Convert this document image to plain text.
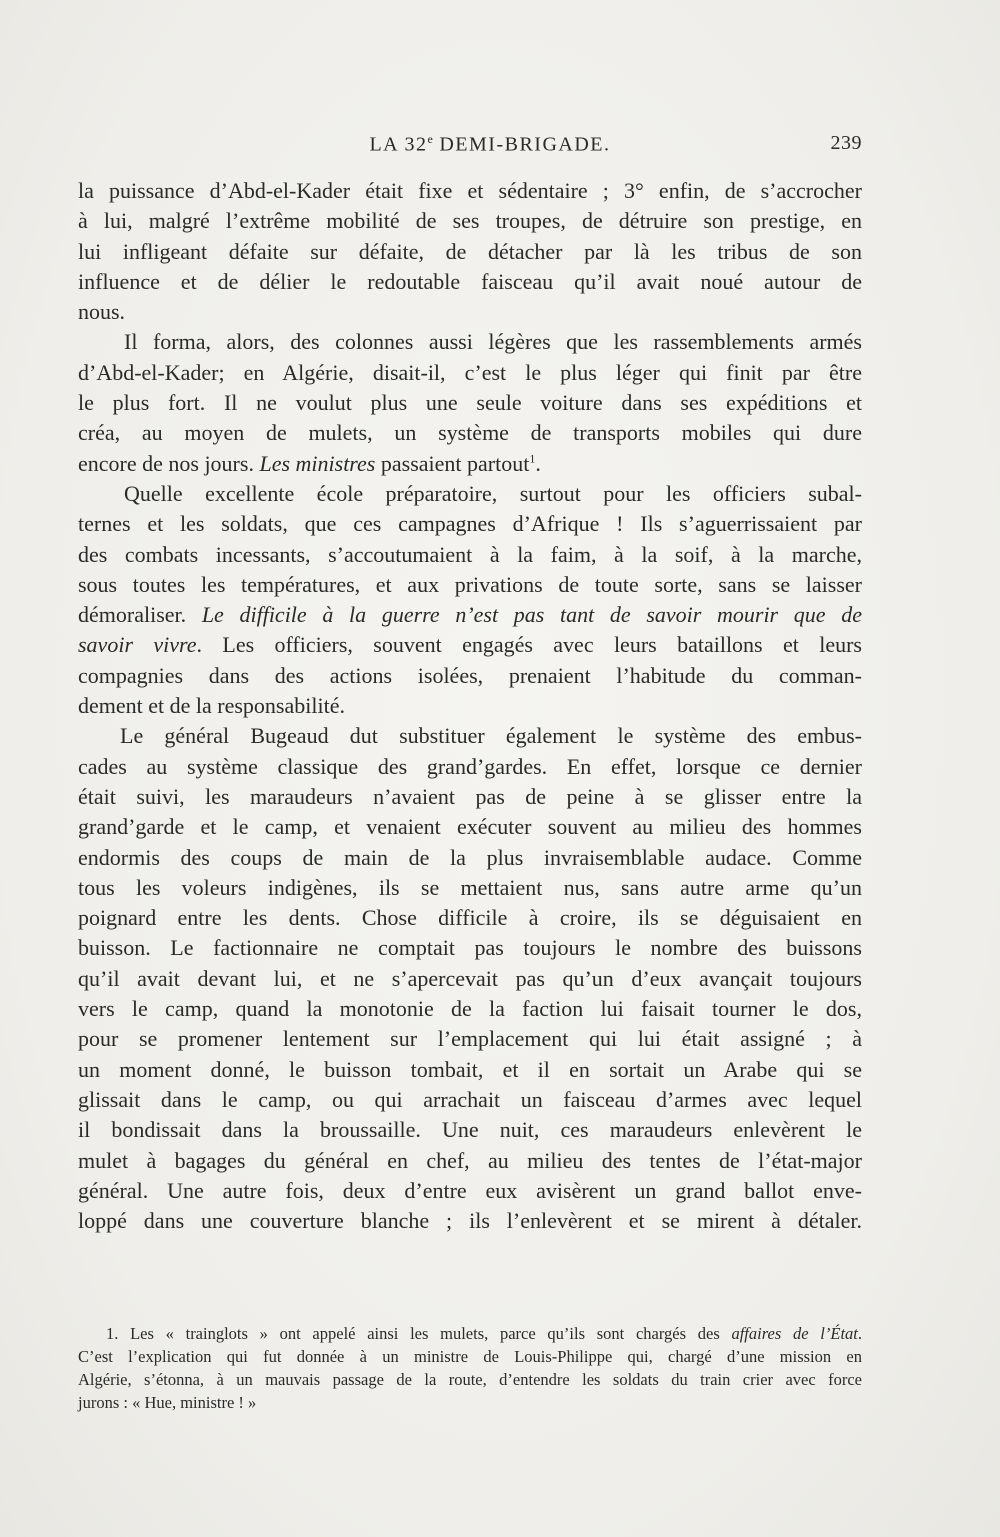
LA 32e DEMI-BRIGADE.	239
la puissance d’Abd-el-Kader était fixe et sédentaire ; 3° enfin, de s’accrocher
à lui, malgré l’extrême mobilité de ses troupes, de détruire son prestige, en
lui infligeant défaite sur défaite, de détacher par là les tribus de son
influence et de délier le redoutable faisceau qu’il avait noué autour de
nous.
Il forma, alors, des colonnes aussi légères que les rassemblements armés
d’Abd-el-Kader; en Algérie, disait-il, c’est le plus léger qui finit par être
le plus fort. Il ne voulut plus une seule voiture dans ses expéditions et
créa, au moyen de mulets, un système de transports mobiles qui dure
encore de nos jours. Les ministres passaient partout$^1$.
Quelle excellente école préparatoire, surtout pour les officiers subal-
ternes et les soldats, que ces campagnes d’Afrique ! Ils s’aguerrissaient par
des combats incessants, s’accoutumaient à la faim, à la soif, à la marche,
sous toutes les températures, et aux privations de toute sorte, sans se laisser
démoraliser. Le difficile à la guerre n’est pas tant de savoir mourir que de
savoir vivre. Les officiers, souvent engagés avec leurs bataillons et leurs
compagnies dans des actions isolées, prenaient l’habitude du comman-
dement et de la responsabilité.
Le général Bugeaud dut substituer également le système des embus-
cades au système classique des grand’gardes. En effet, lorsque ce dernier
était suivi, les maraudeurs n’avaient pas de peine à se glisser entre la
grand’garde et le camp, et venaient exécuter souvent au milieu des hommes
endormis des coups de main de la plus invraisemblable audace. Comme
tous les voleurs indigènes, ils se mettaient nus, sans autre arme qu’un
poignard entre les dents. Chose difficile à croire, ils se déguisaient en
buisson. Le factionnaire ne comptait pas toujours le nombre des buissons
qu’il avait devant lui, et ne s’apercevait pas qu’un d’eux avançait toujours
vers le camp, quand la monotonie de la faction lui faisait tourner le dos,
pour se promener lentement sur l’emplacement qui lui était assigné ; à
un moment donné, le buisson tombait, et il en sortait un Arabe qui se
glissait dans le camp, ou qui arrachait un faisceau d’armes avec lequel
il bondissait dans la broussaille. Une nuit, ces maraudeurs enlevèrent le
mulet à bagages du général en chef, au milieu des tentes de l’état-major
général. Une autre fois, deux d’entre eux avisèrent un grand ballot enve-
loppé dans une couverture blanche ; ils l’enlevèrent et se mirent à détaler.
1. Les « trainglots » ont appelé ainsi les mulets, parce qu’ils sont chargés des affaires de l’État.
C’est l’explication qui fut donnée à un ministre de Louis-Philippe qui, chargé d’une mission en
Algérie, s’étonna, à un mauvais passage de la route, d’entendre les soldats du train crier avec force
jurons : « Hue, ministre ! »
